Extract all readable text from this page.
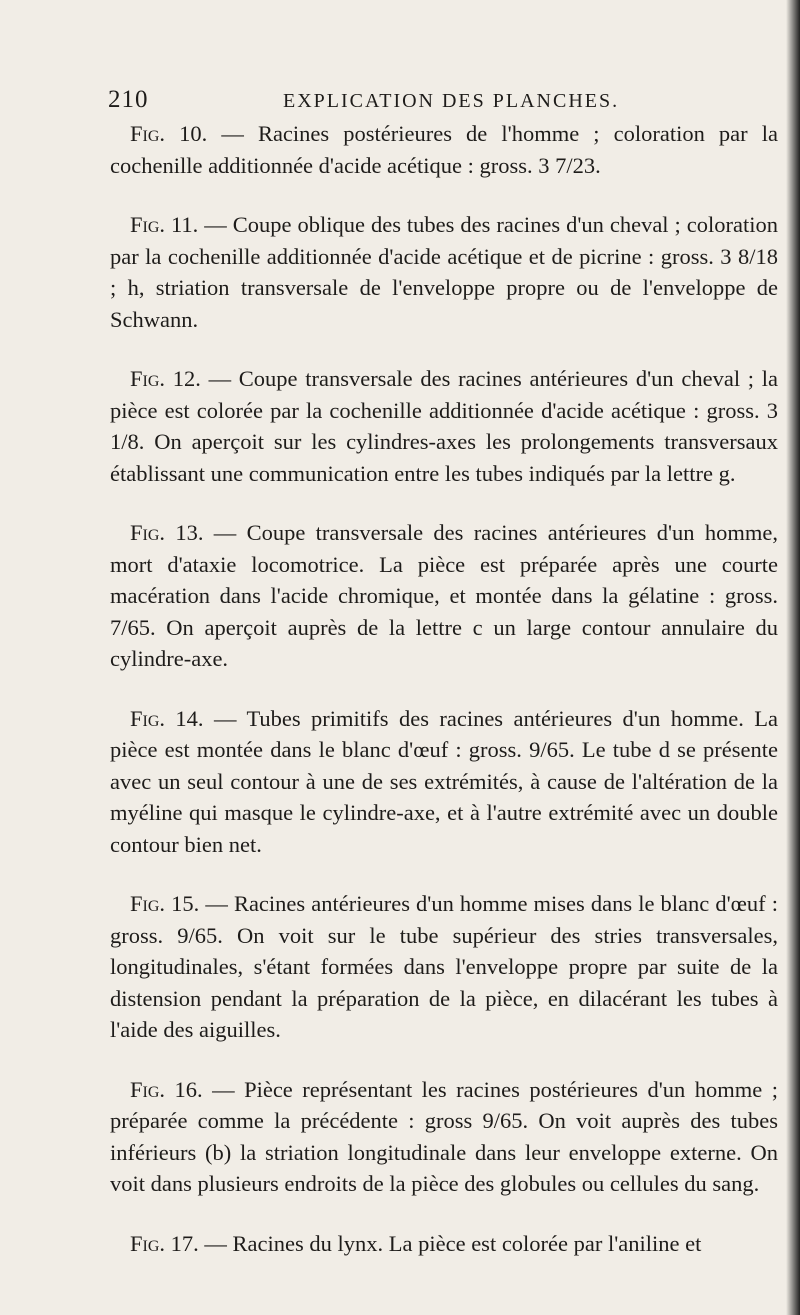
210	EXPLICATION DES PLANCHES.

Fig. 10. — Racines postérieures de l'homme ; coloration par la cochenille additionnée d'acide acétique : gross. 3 7/23.

Fig. 11. — Coupe oblique des tubes des racines d'un cheval ; coloration par la cochenille additionnée d'acide acétique et de picrine : gross. 3 8/18 ; h, striation transversale de l'enveloppe propre ou de l'enveloppe de Schwann.

Fig. 12. — Coupe transversale des racines antérieures d'un cheval ; la pièce est colorée par la cochenille additionnée d'acide acétique : gross. 3 1/8. On aperçoit sur les cylindres-axes les prolongements transversaux établissant une communication entre les tubes indiqués par la lettre g.

Fig. 13. — Coupe transversale des racines antérieures d'un homme, mort d'ataxie locomotrice. La pièce est préparée après une courte macération dans l'acide chromique, et montée dans la gélatine : gross. 7/65. On aperçoit auprès de la lettre c un large contour annulaire du cylindre-axe.

Fig. 14. — Tubes primitifs des racines antérieures d'un homme. La pièce est montée dans le blanc d'œuf : gross. 9/65. Le tube d se présente avec un seul contour à une de ses extrémités, à cause de l'altération de la myéline qui masque le cylindre-axe, et à l'autre extrémité avec un double contour bien net.

Fig. 15. — Racines antérieures d'un homme mises dans le blanc d'œuf : gross. 9/65. On voit sur le tube supérieur des stries transversales, longitudinales, s'étant formées dans l'enveloppe propre par suite de la distension pendant la préparation de la pièce, en dilacérant les tubes à l'aide des aiguilles.

Fig. 16. — Pièce représentant les racines postérieures d'un homme ; préparée comme la précédente : gross 9/65. On voit auprès des tubes inférieurs (b) la striation longitudinale dans leur enveloppe externe. On voit dans plusieurs endroits de la pièce des globules ou cellules du sang.

Fig. 17. — Racines du lynx. La pièce est colorée par l'aniline et
